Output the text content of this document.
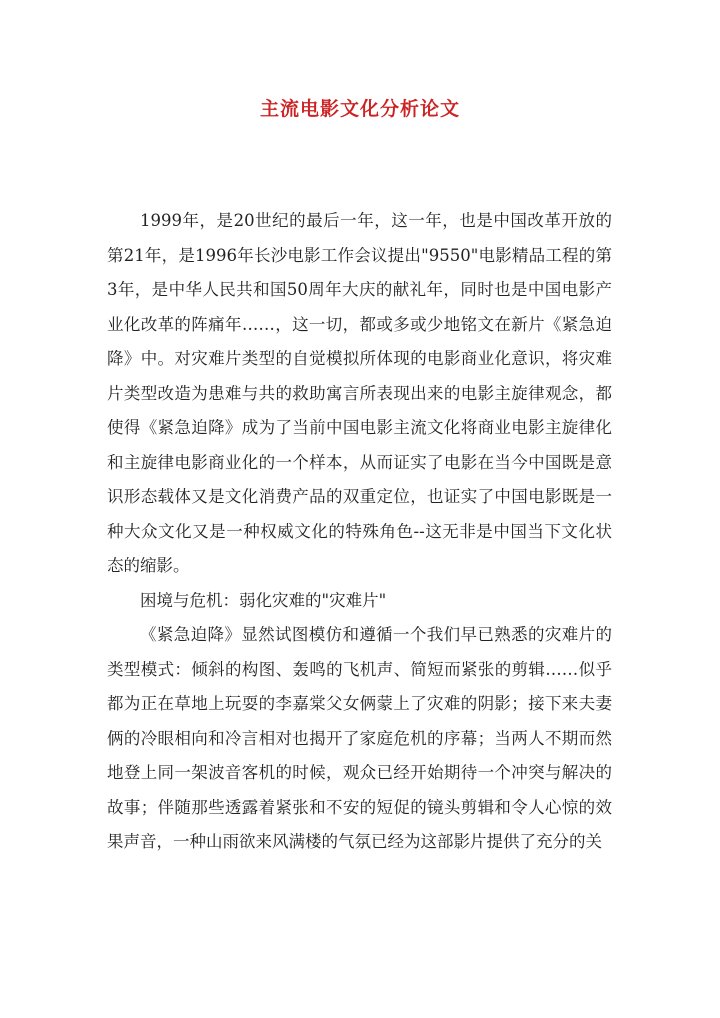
主流电影文化分析论文

1999年，是20世纪的最后一年，这一年，也是中国改革开放的第21年，是1996年长沙电影工作会议提出"9550"电影精品工程的第3年，是中华人民共和国50周年大庆的献礼年，同时也是中国电影产业化改革的阵痛年……，这一切，都或多或少地铭文在新片《紧急迫降》中。对灾难片类型的自觉模拟所体现的电影商业化意识，将灾难片类型改造为患难与共的救助寓言所表现出来的电影主旋律观念，都使得《紧急迫降》成为了当前中国电影主流文化将商业电影主旋律化和主旋律电影商业化的一个样本，从而证实了电影在当今中国既是意识形态载体又是文化消费产品的双重定位，也证实了中国电影既是一种大众文化又是一种权威文化的特殊角色--这无非是中国当下文化状态的缩影。

困境与危机：弱化灾难的"灾难片"

《紧急迫降》显然试图模仿和遵循一个我们早已熟悉的灾难片的类型模式：倾斜的构图、轰鸣的飞机声、简短而紧张的剪辑……似乎都为正在草地上玩耍的李嘉棠父女俩蒙上了灾难的阴影；接下来夫妻俩的冷眼相向和冷言相对也揭开了家庭危机的序幕；当两人不期而然地登上同一架波音客机的时候，观众已经开始期待一个冲突与解决的故事；伴随那些透露着紧张和不安的短促的镜头剪辑和令人心惊的效果声音，一种山雨欲来风满楼的气氛已经为这部影片提供了充分的关
